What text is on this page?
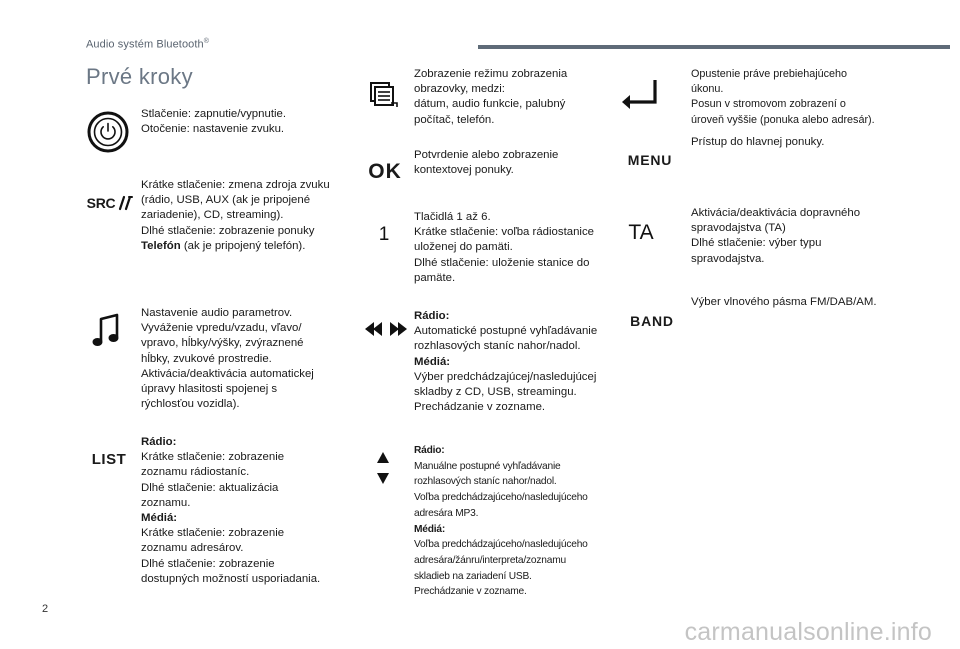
Audio systém Bluetooth®
Prvé kroky
Stlačenie: zapnutie/vypnutie.
Otočenie: nastavenie zvuku.
SRC
Krátke stlačenie: zmena zdroja zvuku
(rádio, USB, AUX (ak je pripojené
zariadenie), CD, streaming).
Dlhé stlačenie: zobrazenie ponuky
Telefón (ak je pripojený telefón).
Nastavenie audio parametrov.
Vyváženie vpredu/vzadu, vľavo/
vpravo, hĺbky/výšky, zvýraznené
hĺbky, zvukové prostredie.
Aktivácia/deaktivácia automatickej
úpravy hlasitosti spojenej s
rýchlosťou vozidla).
LIST
Rádio:
Krátke stlačenie: zobrazenie
zoznamu rádiostaníc.
Dlhé stlačenie: aktualizácia
zoznamu.
Médiá:
Krátke stlačenie: zobrazenie
zoznamu adresárov.
Dlhé stlačenie: zobrazenie
dostupných možností usporiadania.
Zobrazenie režimu zobrazenia
obrazovky, medzi:
dátum, audio funkcie, palubný
počítač, telefón.
OK
Potvrdenie alebo zobrazenie
kontextovej ponuky.
1
Tlačidlá 1 až 6.
Krátke stlačenie: voľba rádiostanice
uloženej do pamäti.
Dlhé stlačenie: uloženie stanice do
pamäte.
Rádio:
Automatické postupné vyhľadávanie
rozhlasových staníc nahor/nadol.
Médiá:
Výber predchádzajúcej/nasledujúcej
skladby z CD, USB, streamingu.
Prechádzanie v zozname.
Rádio:
Manuálne postupné vyhľadávanie
rozhlasových staníc nahor/nadol.
Voľba predchádzajúceho/nasledujúceho
adresára MP3.
Médiá:
Voľba predchádzajúceho/nasledujúceho
adresára/žánru/interpreta/zoznamu
skladieb na zariadení USB.
Prechádzanie v zozname.
Opustenie práve prebiehajúceho
úkonu.
Posun v stromovom zobrazení o
úroveň vyššie (ponuka alebo adresár).
MENU
Prístup do hlavnej ponuky.
TA
Aktivácia/deaktivácia dopravného
spravodajstva (TA)
Dlhé stlačenie: výber typu
spravodajstva.
BAND
Výber vlnového pásma FM/DAB/AM.
2
carmanualsonline.info
